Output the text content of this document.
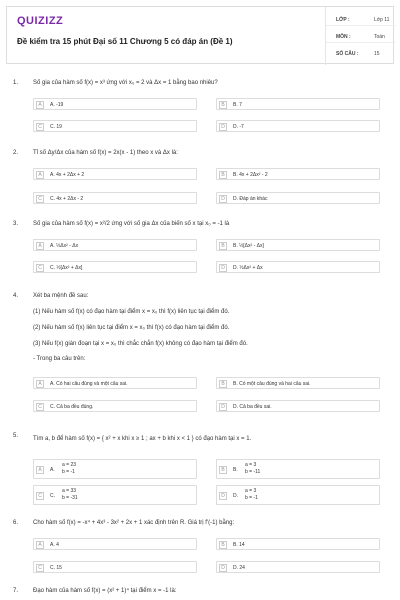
QUIZIZZ
Đề kiểm tra 15 phút Đại số 11 Chương 5 có đáp án (Đề 1)
LỚP :	Lớp 11
MÔN :	Toán
SỐ CÂU :	15
1. Số gia của hàm số f(x) = x³ ứng với x₀ = 2 và Δx = 1 bằng bao nhiêu?
A	A. -19	B	B. 7
C	C. 19	D	D. -7
2. Tỉ số Δy/Δx của hàm số f(x) = 2x(x - 1) theo x và Δx là:
A	A. 4x + 2Δx + 2	B	B. 4x + 2Δx² - 2
C	C. 4x + 2Δx - 2	D	D. Đáp án khác
3. Số gia của hàm số f(x) = x²/2 ứng với số gia Δx của biến số x tại x₀ = -1 là
A	A. ½Δx² - Δx	B	B. ½[Δx² - Δx]
C	C. ½[Δx² + Δx]	D	D. ½Δx² + Δx
4. Xét ba mệnh đề sau:
(1) Nếu hàm số f(x) có đạo hàm tại điểm x = x₀ thì f(x) liên tục tại điểm đó.
(2) Nếu hàm số f(x) liên tục tại điểm x = x₀ thì f(x) có đạo hàm tại điểm đó.
(3) Nếu f(x) gián đoạn tại x = x₀ thì chắc chắn f(x) không có đạo hàm tại điểm đó.
- Trong ba câu trên:
A	A. Có hai câu đúng và một câu sai.	B	B. Có một câu đúng và hai câu sai.
C	C. Cả ba đều đúng.	D	D. Cả ba đều sai.
5. Tìm a, b để hàm số f(x) = { x² + x khi x ≥ 1 ; ax + b khi x < 1 } có đạo hàm tại x = 1.
A	A.
a = 23
b = -1	B	B.
a = 3
b = -11
C	C.
a = 33
b = -31	D	D.
a = 3
b = -1
6. Cho hàm số f(x) = -x⁴ + 4x³ - 3x² + 2x + 1 xác định trên R. Giá trị f'(-1) bằng:
A	A. 4	B	B. 14
C	C. 15	D	D. 24
7. Đạo hàm của hàm số f(x) = (x² + 1)⁴ tại điểm x = -1 là:
